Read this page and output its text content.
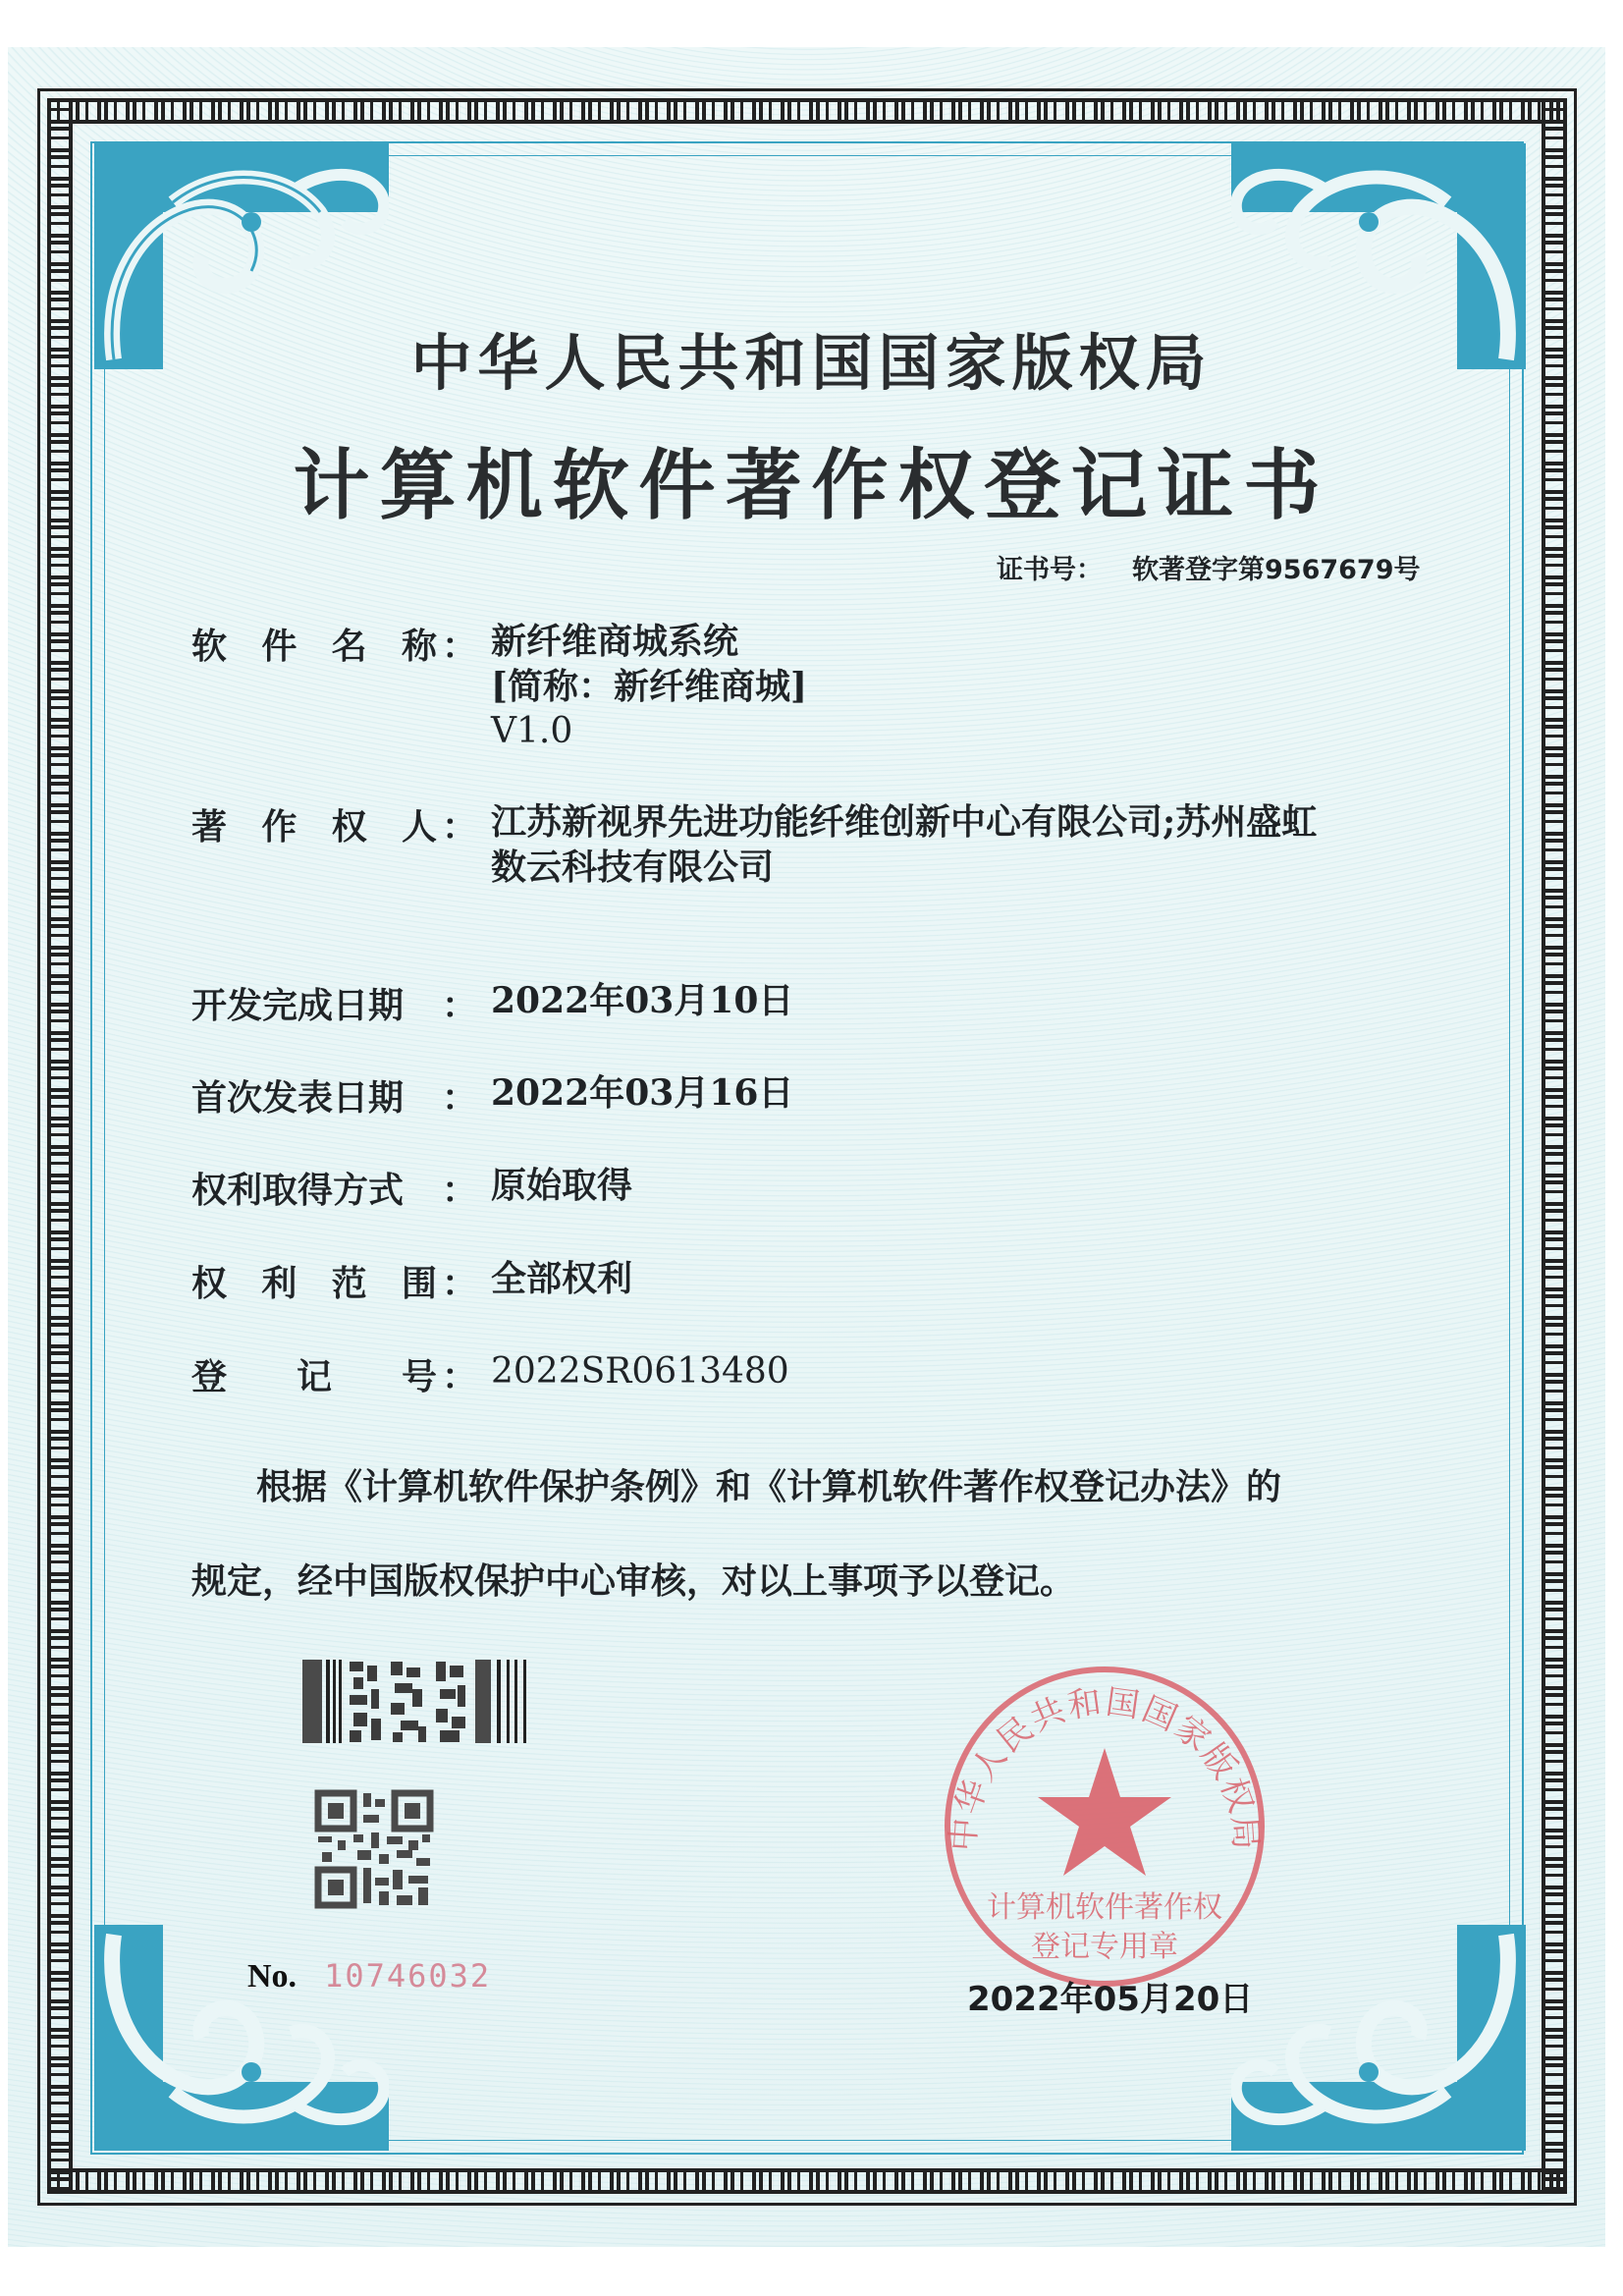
中华人民共和国国家版权局
计算机软件著作权登记证书
证书号： 软著登字第9567679号
软 件 名 称 ： 新纤维商城系统
[简称：新纤维商城]
V1.0
著 作 权 人 ： 江苏新视界先进功能纤维创新中心有限公司;苏州盛虹
数云科技有限公司
开发完成日期 ： 2022年03月10日
首次发表日期 ： 2022年03月16日
权利取得方式 ： 原始取得
权 利 范 围 ： 全部权利
登 记 号 ： 2022SR0613480
根据《计算机软件保护条例》和《计算机软件著作权登记办法》的
规定，经中国版权保护中心审核，对以上事项予以登记。
No. 10746032
中华人民共和国国家版权局
计算机软件著作权
登记专用章
2022年05月20日
